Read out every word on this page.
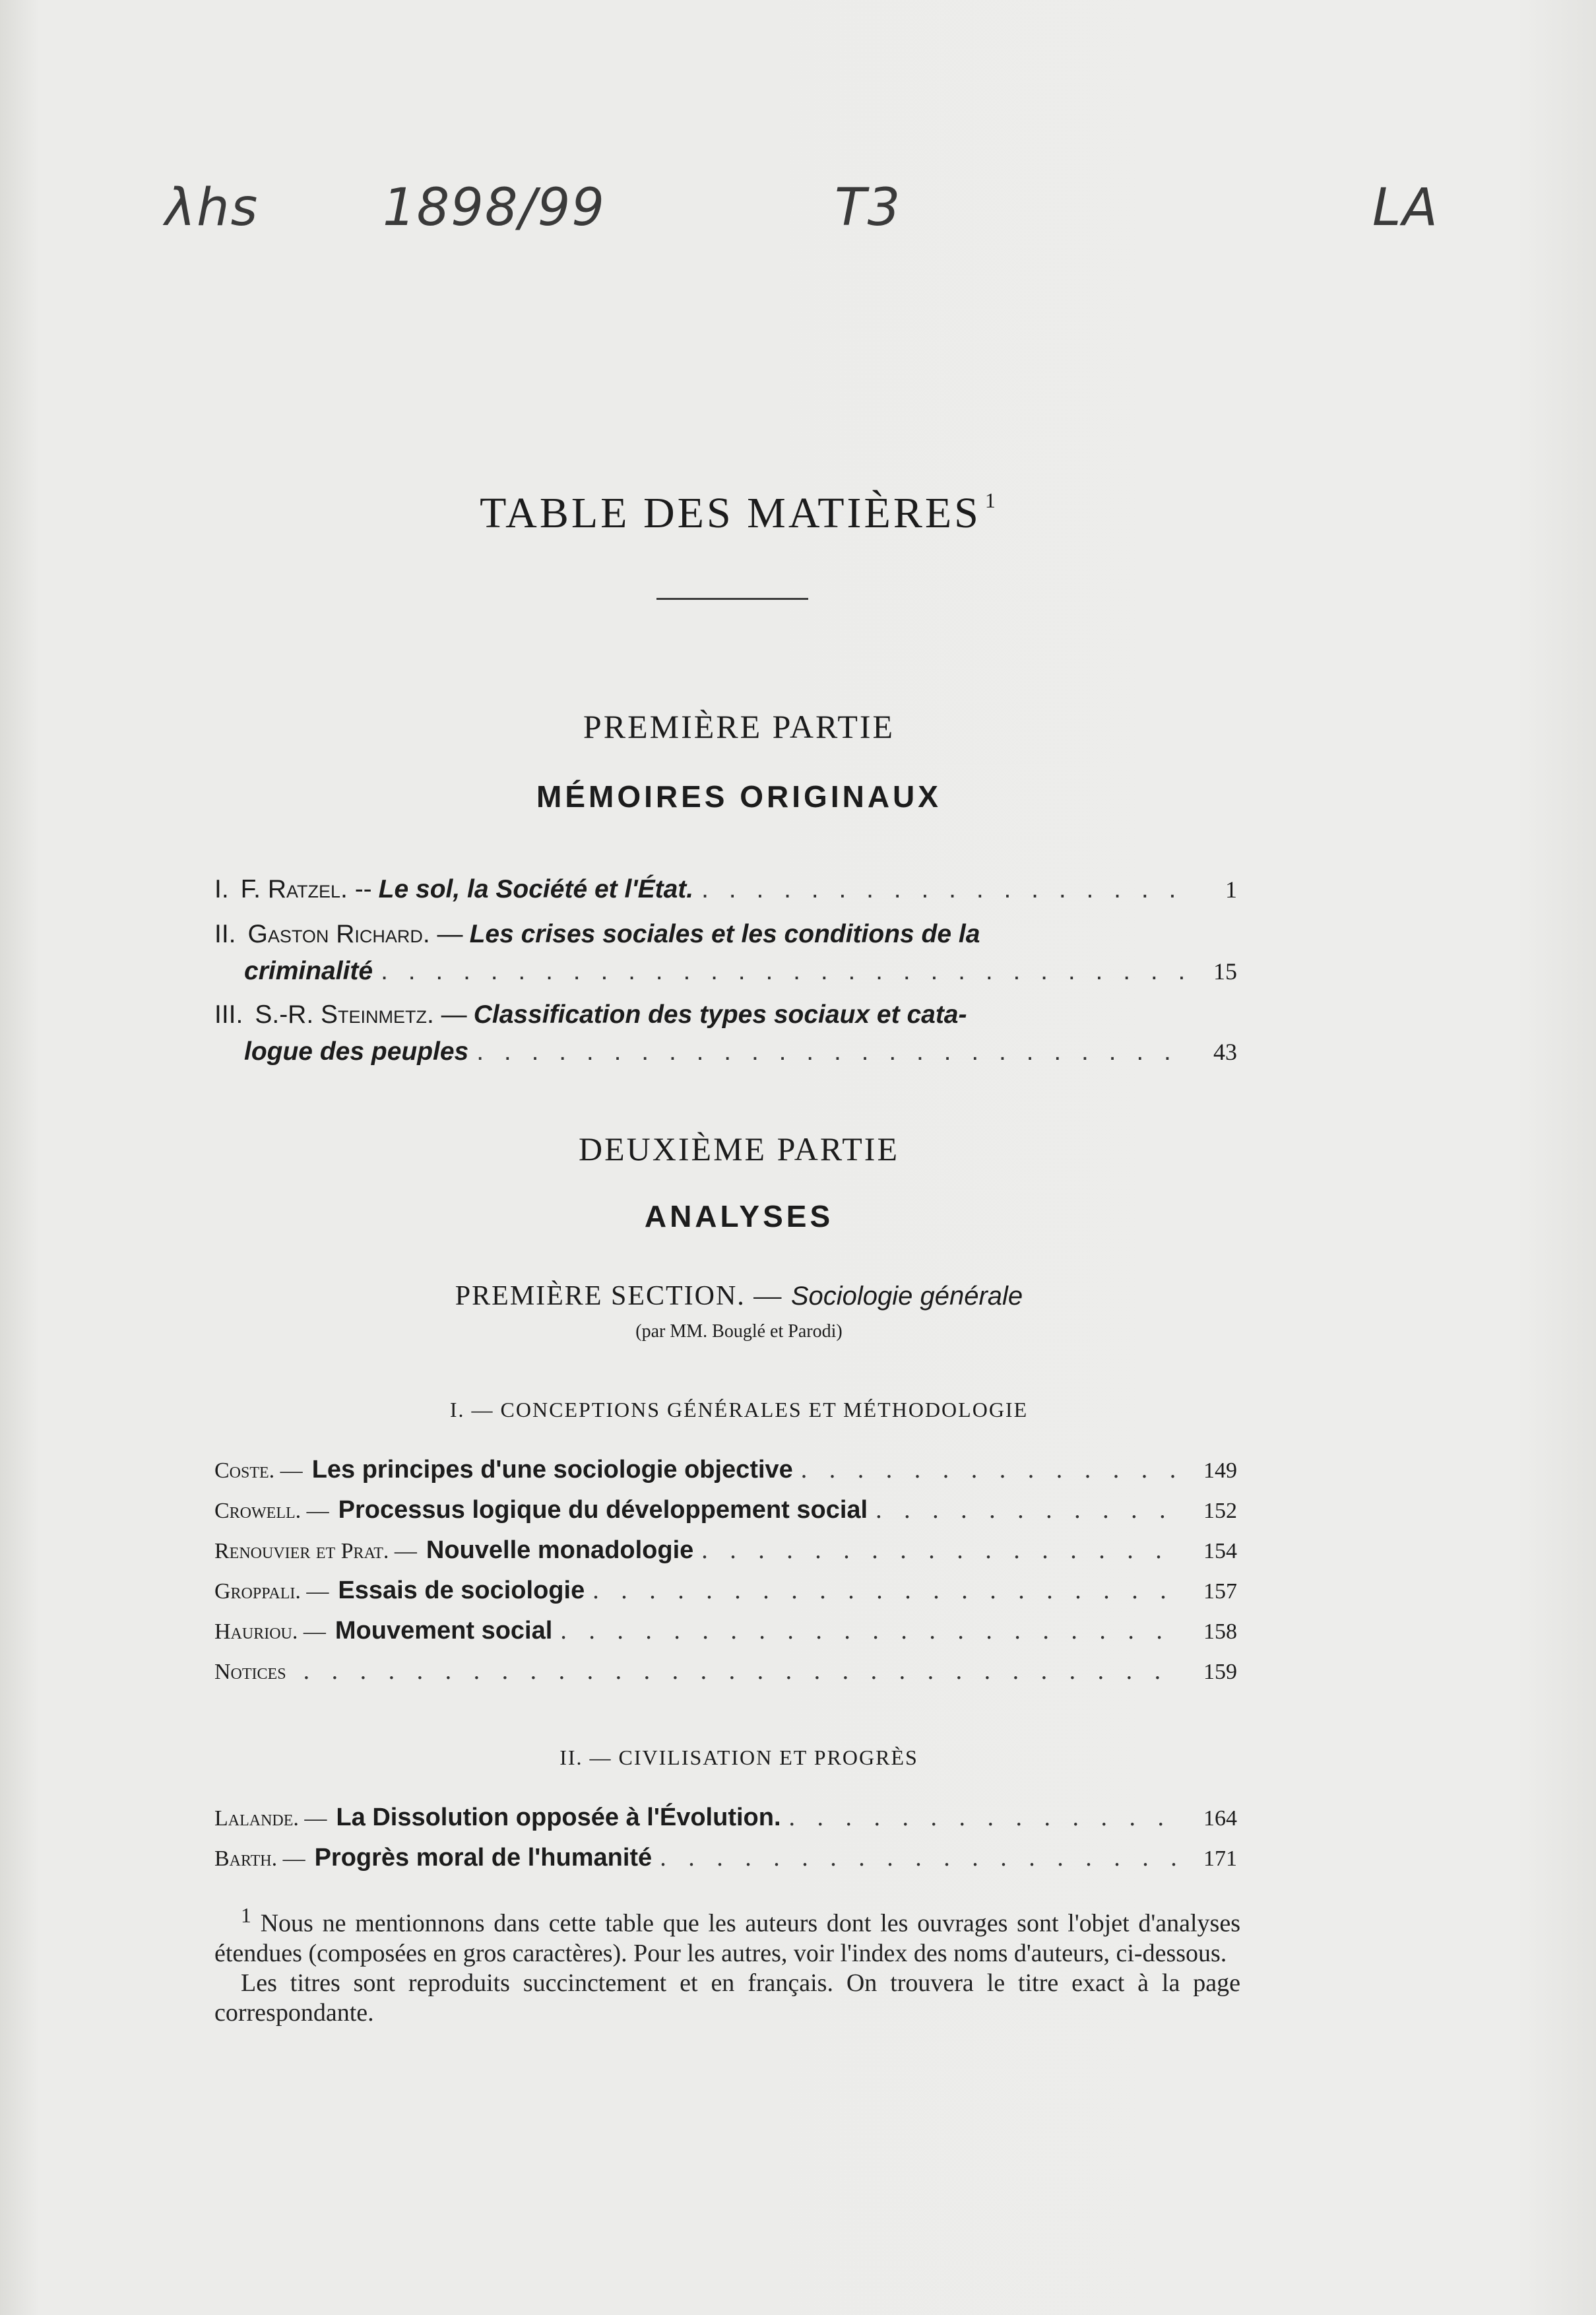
λhs 1898/99	T3	LA
TABLE DES MATIÈRES $^1$
PREMIÈRE PARTIE
MÉMOIRES ORIGINAUX
I. F. Ratzel. -- Le sol, la Société et l'État. . . .	1
II. Gaston Richard. — Les crises sociales et les conditions de la
criminalité . . .	15
III. S.-R. Steinmetz. — Classification des types sociaux et cata-
logue des peuples . . .	43
DEUXIÈME PARTIE
ANALYSES
PREMIÈRE SECTION. — Sociologie générale
(par MM. Bouglé et Parodi)
I. — CONCEPTIONS GÉNÉRALES ET MÉTHODOLOGIE
Coste. — Les principes d'une sociologie objective . . .	149
Crowell. — Processus logique du développement social . . .	152
Renouvier et Prat. — Nouvelle monadologie . . .	154
Groppali. — Essais de sociologie . . .	157
Hauriou. — Mouvement social . . .	158
Notices . . .	159
II. — CIVILISATION ET PROGRÈS
Lalande. — La Dissolution opposée à l'Évolution. . . .	164
Barth. — Progrès moral de l'humanité . . .	171

$^1$ Nous ne mentionnons dans cette table que les auteurs dont les ouvrages sont l'objet d'analyses étendues (composées en gros caractères). Pour les autres, voir l'index des noms d'auteurs, ci-dessous.

Les titres sont reproduits succinctement et en français. On trouvera le titre exact à la page correspondante.
